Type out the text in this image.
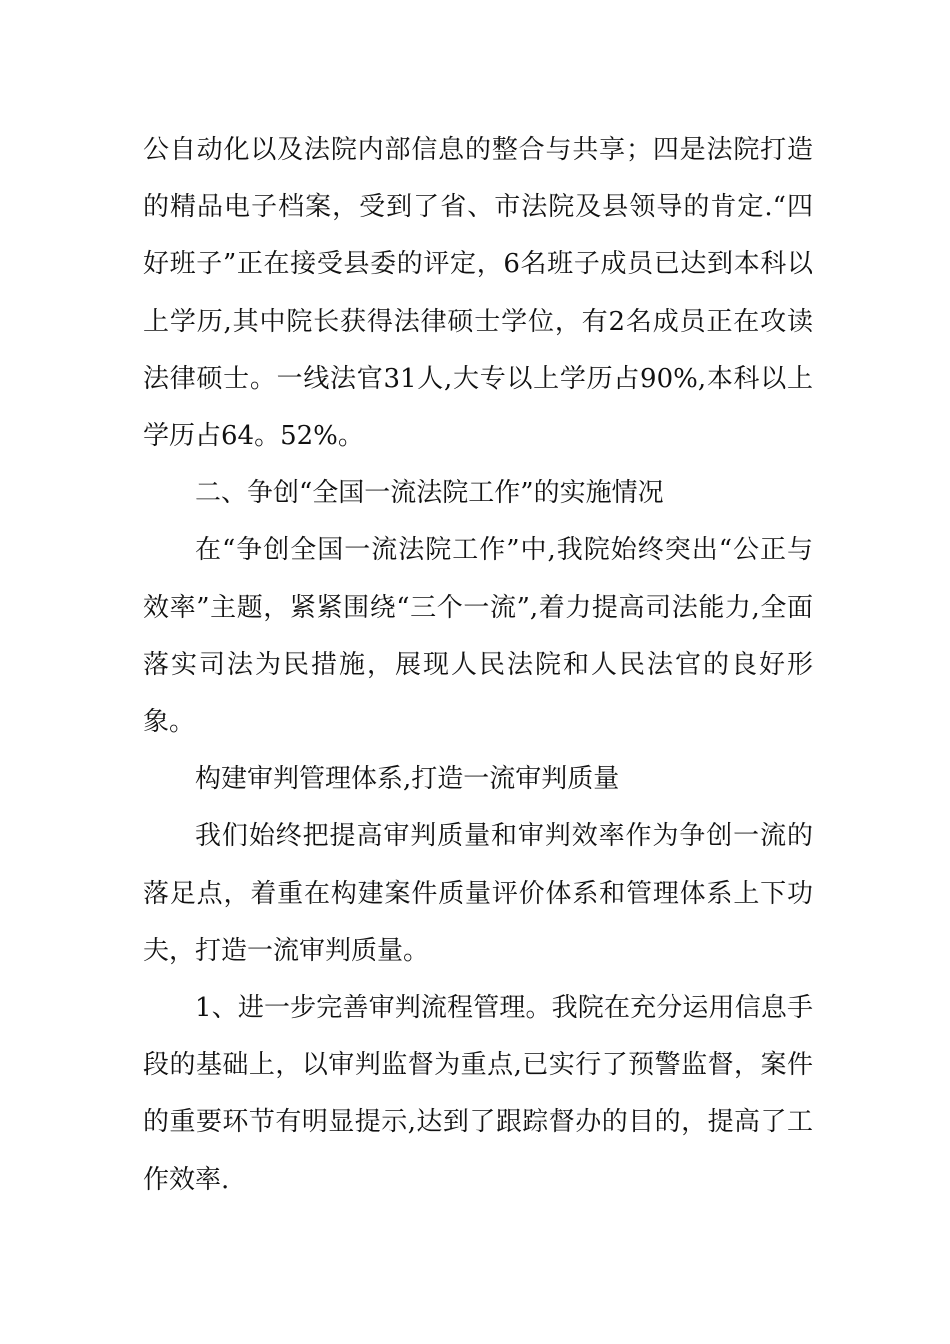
公自动化以及法院内部信息的整合与共享；四是法院打造的精品电子档案，受到了省、市法院及县领导的肯定.“四好班子”正在接受县委的评定，6名班子成员已达到本科以上学历,其中院长获得法律硕士学位，有2名成员正在攻读法律硕士。一线法官31人,大专以上学历占90%,本科以上学历占64。52%。

二、争创“全国一流法院工作”的实施情况

在“争创全国一流法院工作”中,我院始终突出“公正与效率”主题，紧紧围绕“三个一流”,着力提高司法能力,全面落实司法为民措施，展现人民法院和人民法官的良好形象。

构建审判管理体系,打造一流审判质量

我们始终把提高审判质量和审判效率作为争创一流的落足点，着重在构建案件质量评价体系和管理体系上下功夫，打造一流审判质量。

1、进一步完善审判流程管理。我院在充分运用信息手段的基础上，以审判监督为重点,已实行了预警监督，案件的重要环节有明显提示,达到了跟踪督办的目的，提高了工作效率.
